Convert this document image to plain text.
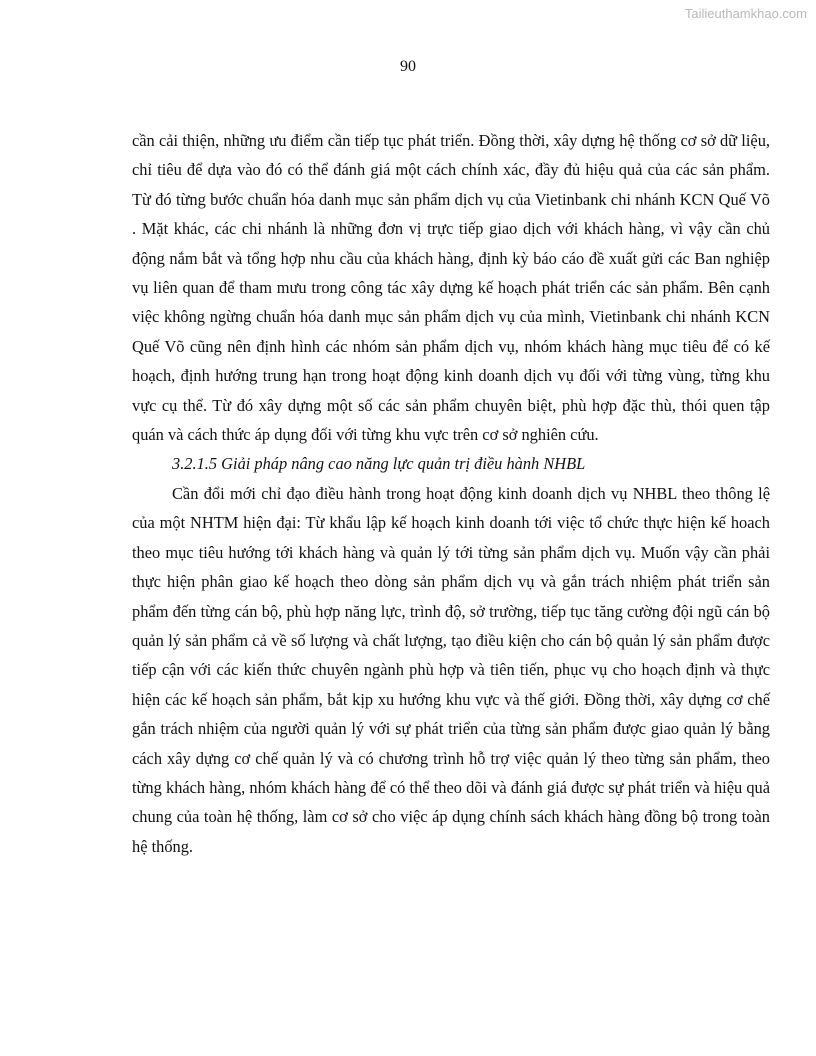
Tailieuthamkhao.com
90

cần cải thiện, những ưu điểm cần tiếp tục phát triển. Đồng thời, xây dựng hệ thống cơ sở dữ liệu, chỉ tiêu để dựa vào đó có thể đánh giá một cách chính xác, đầy đủ hiệu quả của các sản phẩm. Từ đó từng bước chuẩn hóa danh mục sản phẩm dịch vụ của Vietinbank chi nhánh KCN Quế Võ . Mặt khác, các chi nhánh là những đơn vị trực tiếp giao dịch với khách hàng, vì vậy cần chủ động nắm bắt và tổng hợp nhu cầu của khách hàng, định kỳ báo cáo đề xuất gửi các Ban nghiệp vụ liên quan để tham mưu trong công tác xây dựng kế hoạch phát triển các sản phẩm. Bên cạnh việc không ngừng chuẩn hóa danh mục sản phẩm dịch vụ của mình, Vietinbank chi nhánh KCN Quế Võ cũng nên định hình các nhóm sản phẩm dịch vụ, nhóm khách hàng mục tiêu để có kế hoạch, định hướng trung hạn trong hoạt động kinh doanh dịch vụ đối với từng vùng, từng khu vực cụ thể. Từ đó xây dựng một số các sản phẩm chuyên biệt, phù hợp đặc thù, thói quen tập quán và cách thức áp dụng đối với từng khu vực trên cơ sở nghiên cứu.

3.2.1.5 Giải pháp nâng cao năng lực quản trị điều hành NHBL

Cần đổi mới chỉ đạo điều hành trong hoạt động kinh doanh dịch vụ NHBL theo thông lệ của một NHTM hiện đại: Từ khẩu lập kế hoạch kinh doanh tới việc tổ chức thực hiện kế hoach theo mục tiêu hướng tới khách hàng và quản lý tới từng sản phẩm dịch vụ. Muốn vậy cần phải thực hiện phân giao kế hoạch theo dòng sản phẩm dịch vụ và gắn trách nhiệm phát triển sản phẩm đến từng cán bộ, phù hợp năng lực, trình độ, sở trường, tiếp tục tăng cường đội ngũ cán bộ quản lý sản phẩm cả về số lượng và chất lượng, tạo điều kiện cho cán bộ quản lý sản phẩm được tiếp cận với các kiến thức chuyên ngành phù hợp và tiên tiến, phục vụ cho hoạch định và thực hiện các kế hoạch sản phẩm, bắt kịp xu hướng khu vực và thế giới. Đồng thời, xây dựng cơ chế gắn trách nhiệm của người quản lý với sự phát triển của từng sản phẩm được giao quản lý bằng cách xây dựng cơ chế quản lý và có chương trình hỗ trợ việc quản lý theo từng sản phẩm, theo từng khách hàng, nhóm khách hàng để có thể theo dõi và đánh giá được sự phát triển và hiệu quả chung của toàn hệ thống, làm cơ sở cho việc áp dụng chính sách khách hàng đồng bộ trong toàn hệ thống.
